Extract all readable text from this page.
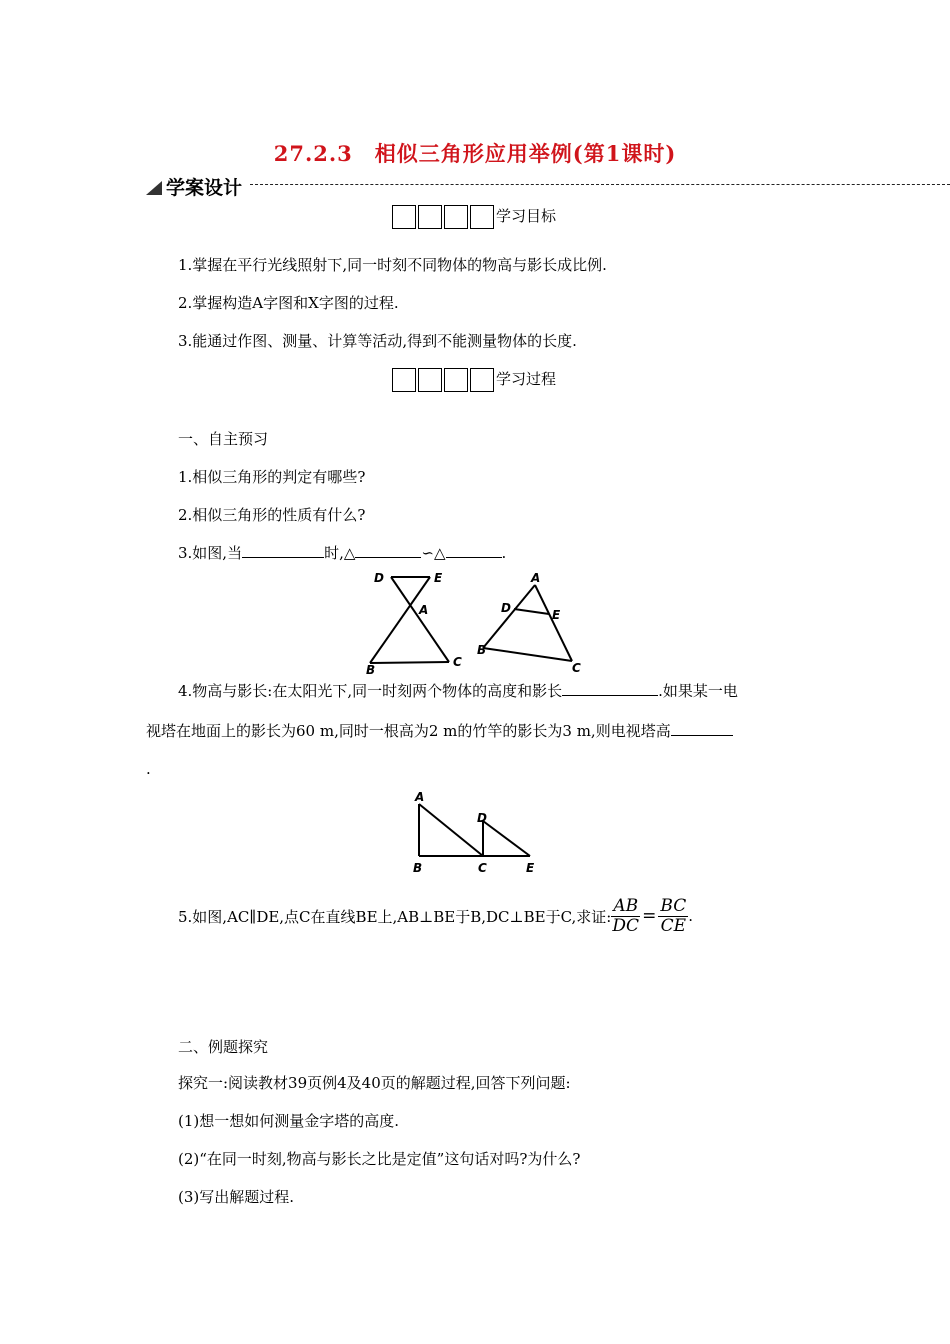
27.2.3　相似三角形应用举例(第1课时)
学案设计
学习目标
1.掌握在平行光线照射下,同一时刻不同物体的物高与影长成比例.
2.掌握构造A字图和X字图的过程.
3.能通过作图、测量、计算等活动,得到不能测量物体的长度.
学习过程
一、自主预习
1.相似三角形的判定有哪些?
2.相似三角形的性质有什么?
3.如图,当	时,△	∽△	.
D	E
A
B
C
A
D	E
B
C
4.物高与影长:在太阳光下,同一时刻两个物体的高度和影长	.如果某一电
视塔在地面上的影长为60 m,同时一根高为2 m的竹竿的影长为3 m,则电视塔高
.
A
B	C
D
E
5.如图,AC∥DE,点C在直线BE上,AB⊥BE于B,DC⊥BE于C,求证: $\frac{AB}{DC} = \frac{BC}{CE}$ .
二、例题探究
探究一:阅读教材39页例4及40页的解题过程,回答下列问题:
(1)想一想如何测量金字塔的高度.
(2)“在同一时刻,物高与影长之比是定值”这句话对吗?为什么?
(3)写出解题过程.
